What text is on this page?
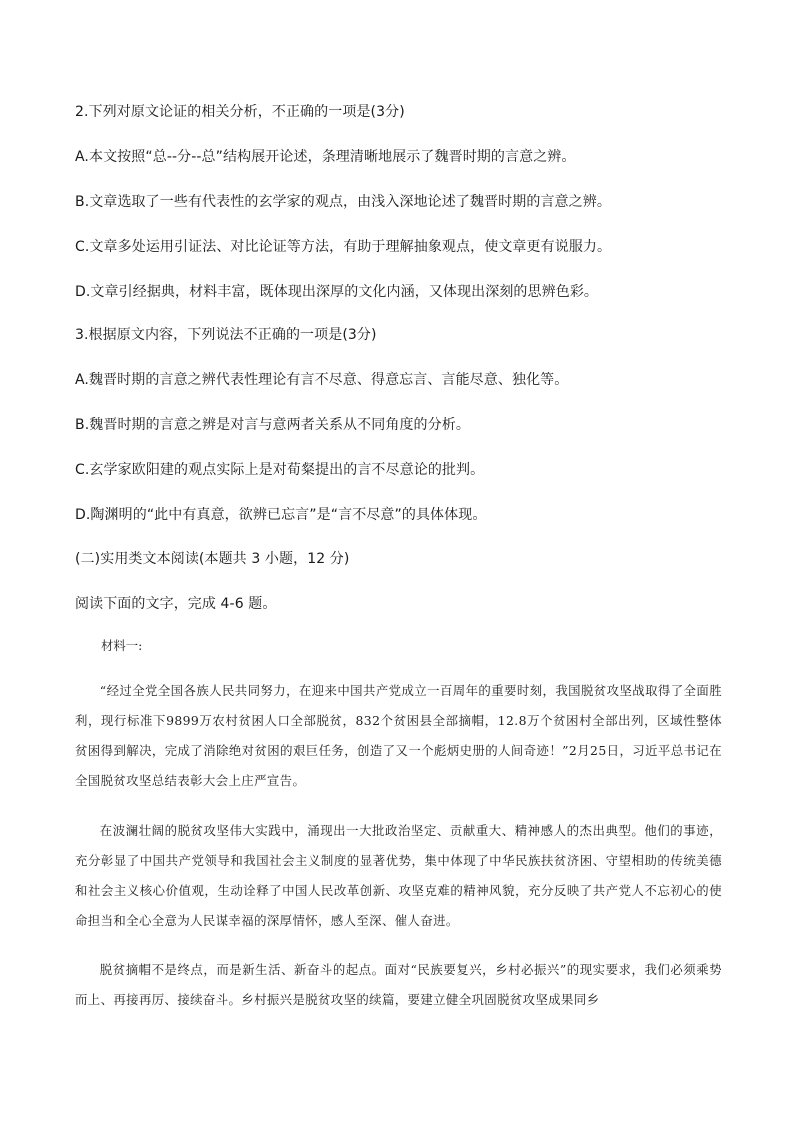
2.下列对原文论证的相关分析，不正确的一项是(3分)
A.本文按照“总--分--总”结构展开论述，条理清晰地展示了魏晋时期的言意之辨。
B.文章选取了一些有代表性的玄学家的观点，由浅入深地论述了魏晋时期的言意之辨。
C.文章多处运用引证法、对比论证等方法，有助于理解抽象观点，使文章更有说服力。
D.文章引经据典，材料丰富，既体现出深厚的文化内涵，又体现出深刻的思辨色彩。
3.根据原文内容，下列说法不正确的一项是(3分)
A.魏晋时期的言意之辨代表性理论有言不尽意、得意忘言、言能尽意、独化等。
B.魏晋时期的言意之辨是对言与意两者关系从不同角度的分析。
C.玄学家欧阳建的观点实际上是对荀粲提出的言不尽意论的批判。
D.陶渊明的“此中有真意，欲辨已忘言”是“言不尽意”的具体体现。
(二)实用类文本阅读(本题共 3 小题，12 分)
阅读下面的文字，完成 4-6 题。
材料一:

“经过全党全国各族人民共同努力，在迎来中国共产党成立一百周年的重要时刻，我国脱贫攻坚战取得了全面胜利，现行标准下9899万农村贫困人口全部脱贫，832个贫困县全部摘帽，12.8万个贫困村全部出列，区域性整体贫困得到解决，完成了消除绝对贫困的艰巨任务，创造了又一个彪炳史册的人间奇迹！”2月25日，习近平总书记在全国脱贫攻坚总结表彰大会上庄严宣告。

在波澜壮阔的脱贫攻坚伟大实践中，涌现出一大批政治坚定、贡献重大、精神感人的杰出典型。他们的事迹，充分彰显了中国共产党领导和我国社会主义制度的显著优势，集中体现了中华民族扶贫济困、守望相助的传统美德和社会主义核心价值观，生动诠释了中国人民改革创新、攻坚克难的精神风貌，充分反映了共产党人不忘初心的使命担当和全心全意为人民谋幸福的深厚情怀，感人至深、催人奋进。

脱贫摘帽不是终点，而是新生活、新奋斗的起点。面对“民族要复兴，乡村必振兴”的现实要求，我们必须乘势而上、再接再厉、接续奋斗。乡村振兴是脱贫攻坚的续篇，要建立健全巩固脱贫攻坚成果同乡
